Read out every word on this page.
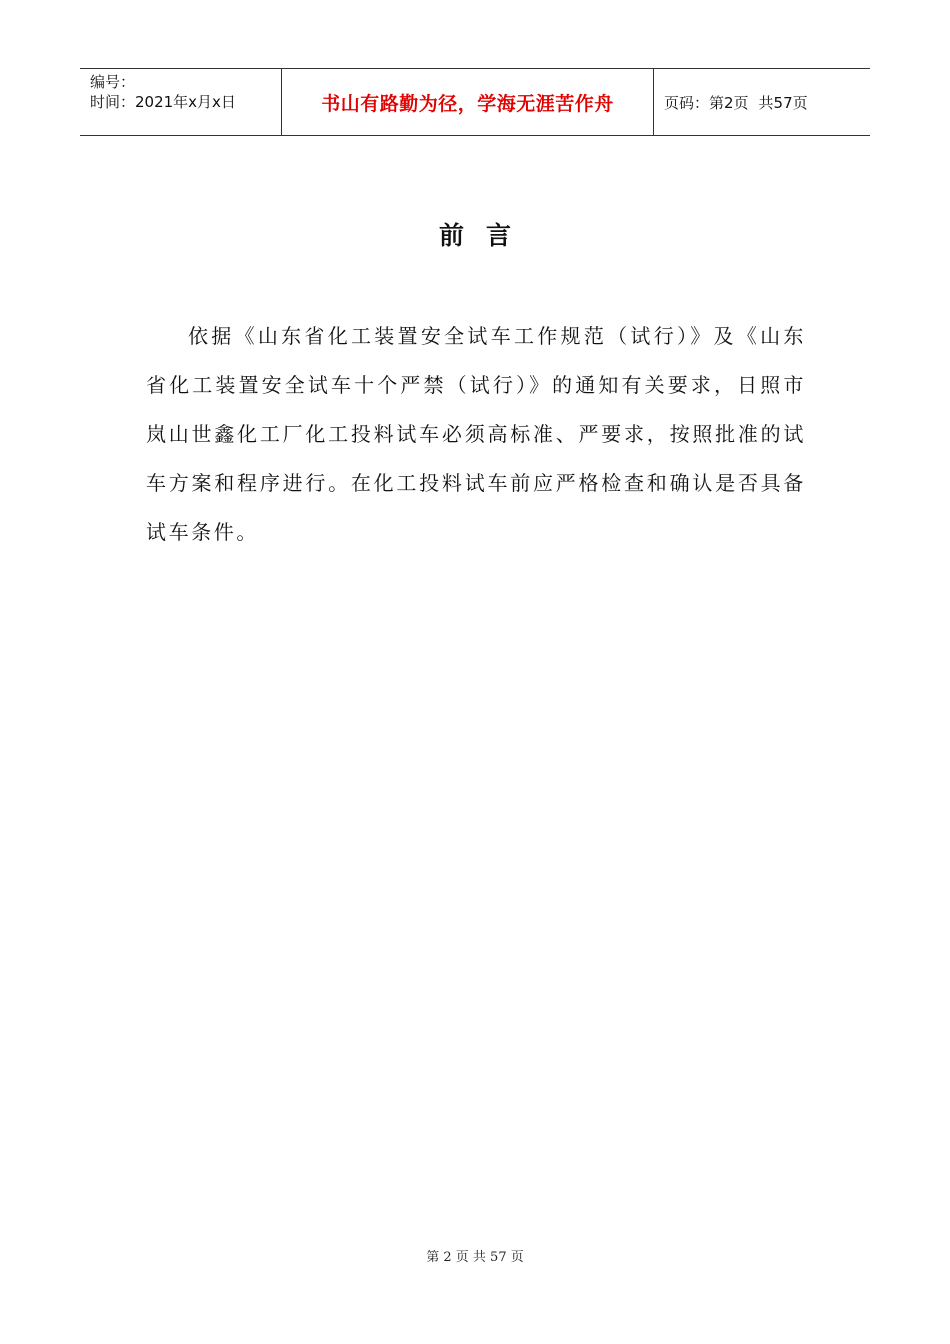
编号：
时间：2021年x月x日	书山有路勤为径，学海无涯苦作舟	页码：第2页 共57页
前言

依据《山东省化工装置安全试车工作规范（试行）》及《山东省化工装置安全试车十个严禁（试行）》的通知有关要求，日照市岚山世鑫化工厂化工投料试车必须高标准、严要求，按照批准的试车方案和程序进行。在化工投料试车前应严格检查和确认是否具备试车条件。

第 2 页 共 57 页
